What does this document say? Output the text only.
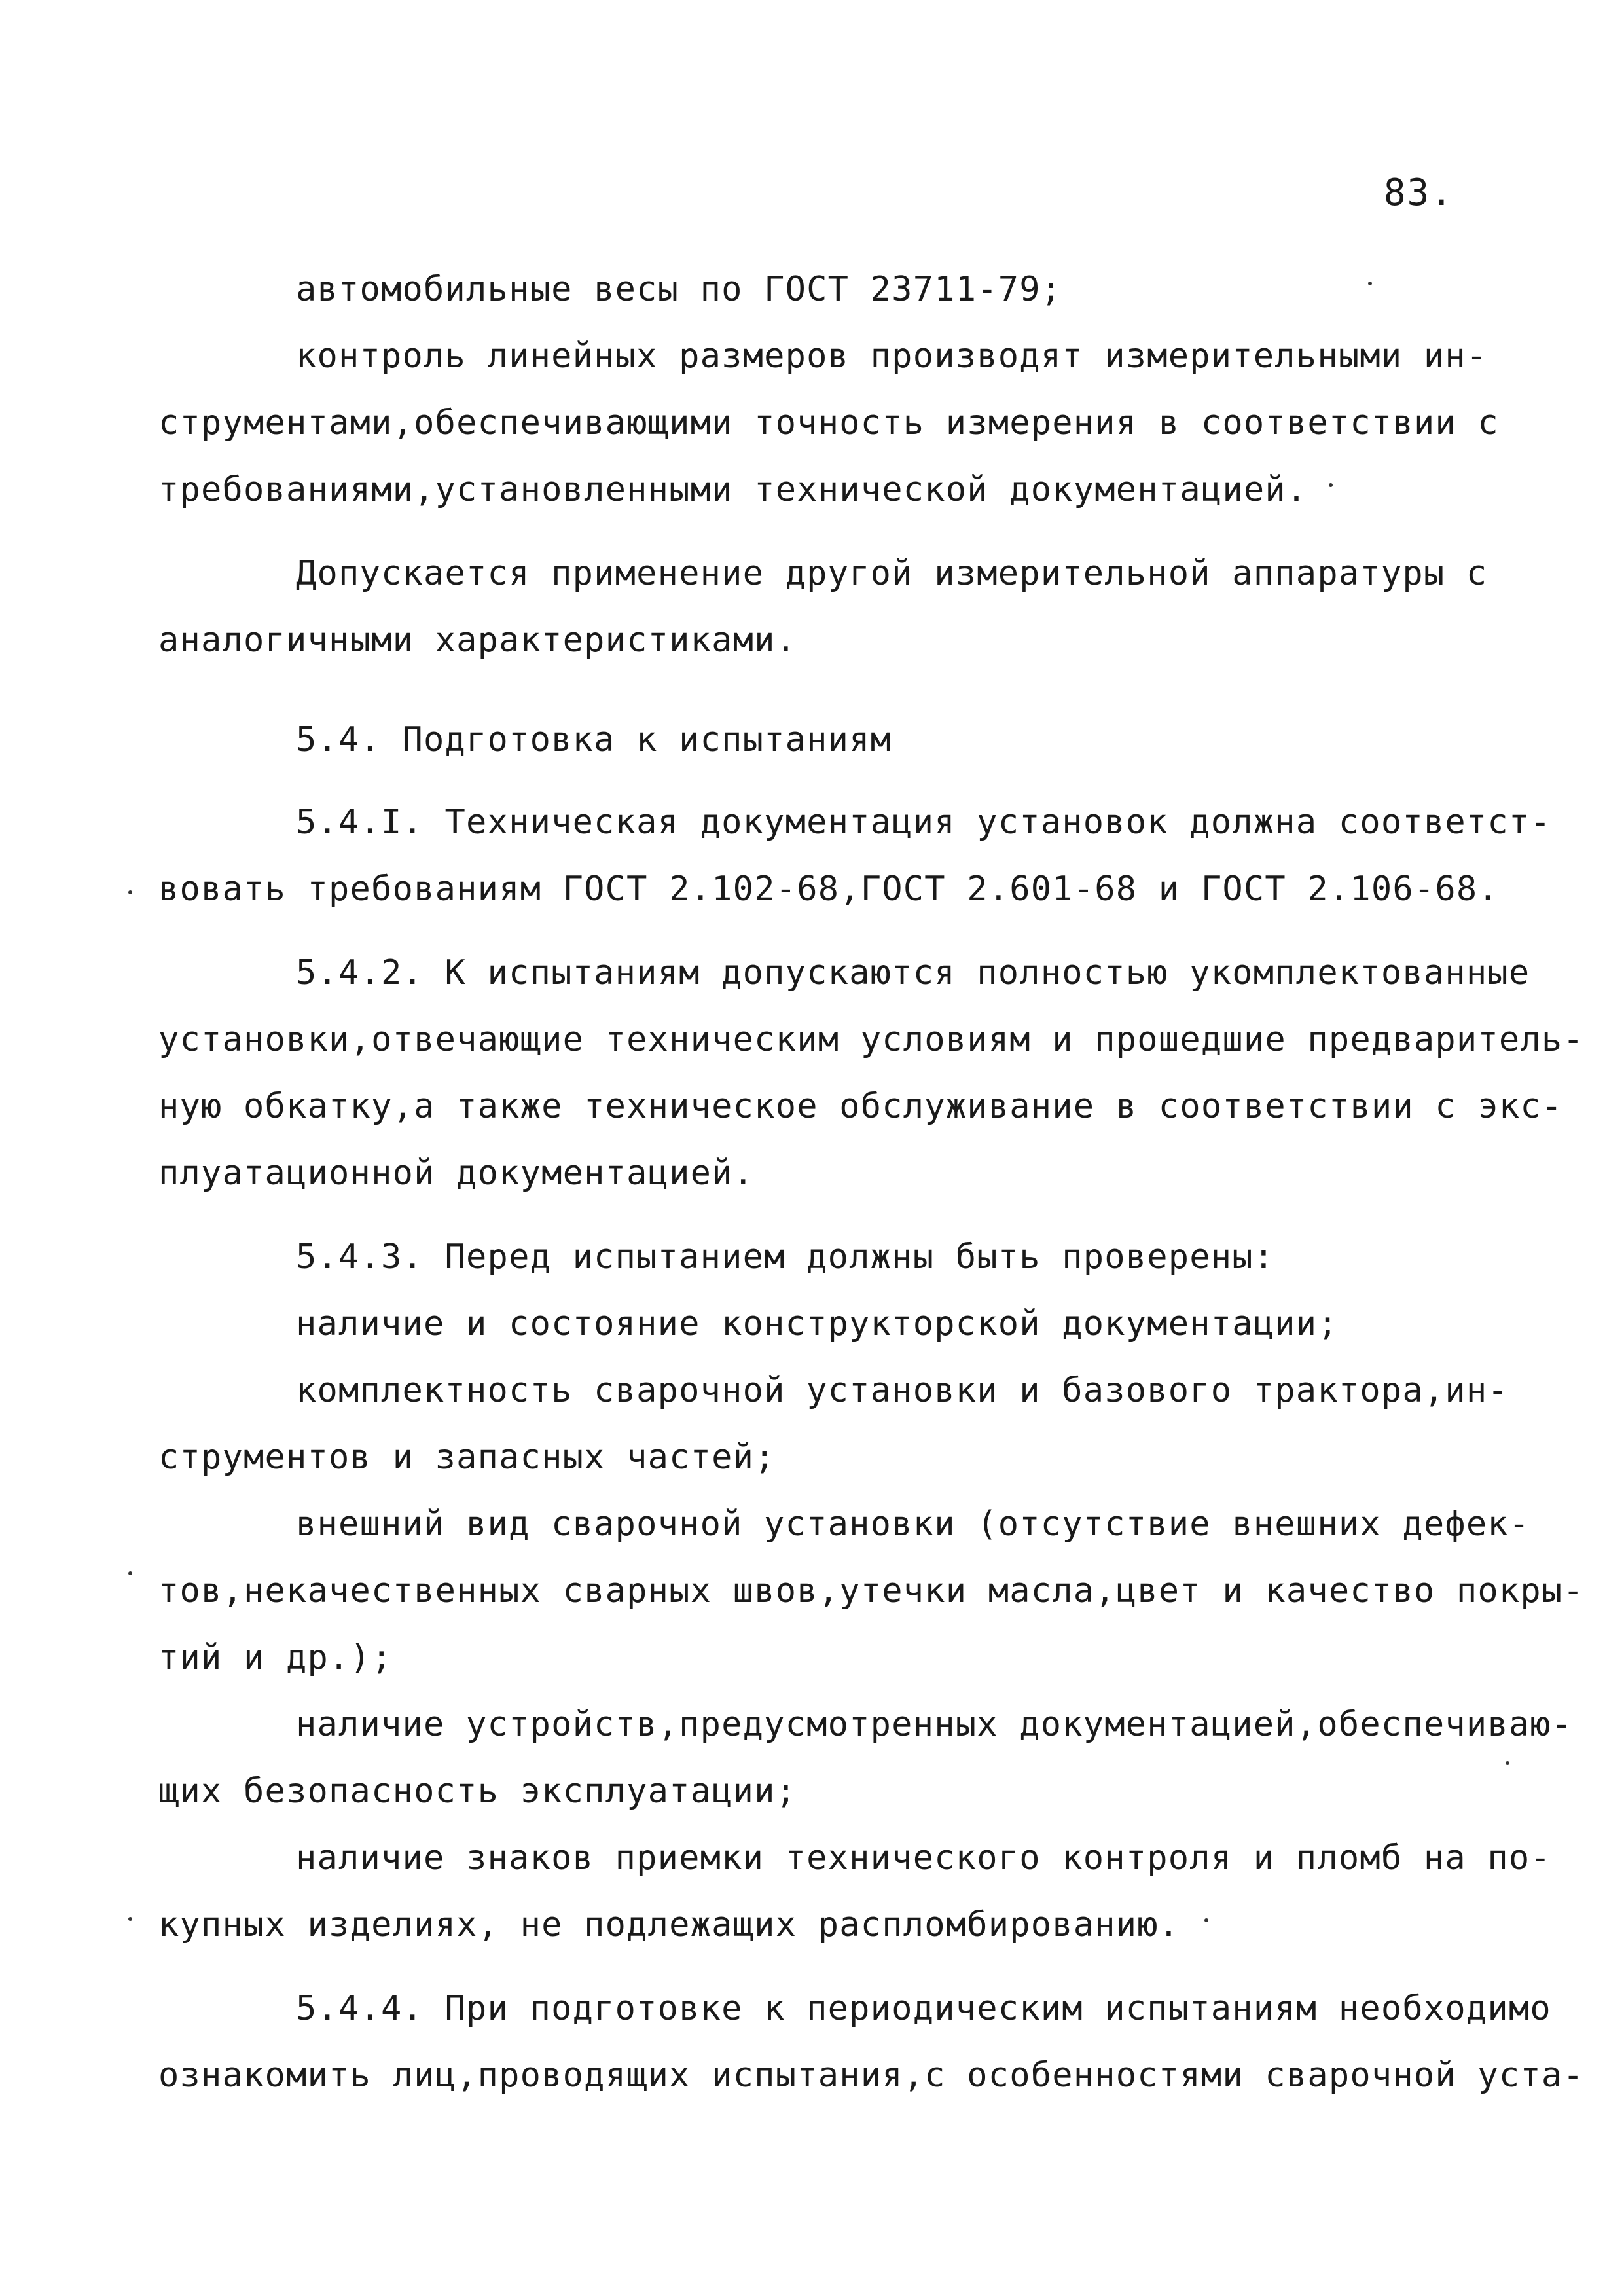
83.
автомобильные весы по ГОСТ 23711-79;
контроль линейных размеров производят измерительными ин-
струментами,обеспечивающими точность измерения в соответствии с
требованиями,установленными технической документацией.
Допускается применение другой измерительной аппаратуры с
аналогичными характеристиками.
5.4. Подготовка к испытаниям
5.4.I. Техническая документация установок должна соответст-
вовать требованиям ГОСТ 2.102-68,ГОСТ 2.601-68 и ГОСТ 2.106-68.
5.4.2. К испытаниям допускаются полностью укомплектованные
установки,отвечающие техническим условиям и прошедшие предваритель-
ную обкатку,а также техническое обслуживание в соответствии с экс-
плуатационной документацией.
5.4.3. Перед испытанием должны быть проверены:
наличие и состояние конструкторской документации;
комплектность сварочной установки и базового трактора,ин-
струментов и запасных частей;
внешний вид сварочной установки (отсутствие внешних дефек-
тов,некачественных сварных швов,утечки масла,цвет и качество покры-
тий и др.);
наличие устройств,предусмотренных документацией,обеспечиваю-
щих безопасность эксплуатации;
наличие знаков приемки технического контроля и пломб на по-
купных изделиях, не подлежащих распломбированию.
5.4.4. При подготовке к периодическим испытаниям необходимо
ознакомить лиц,проводящих испытания,с особенностями сварочной уста-
